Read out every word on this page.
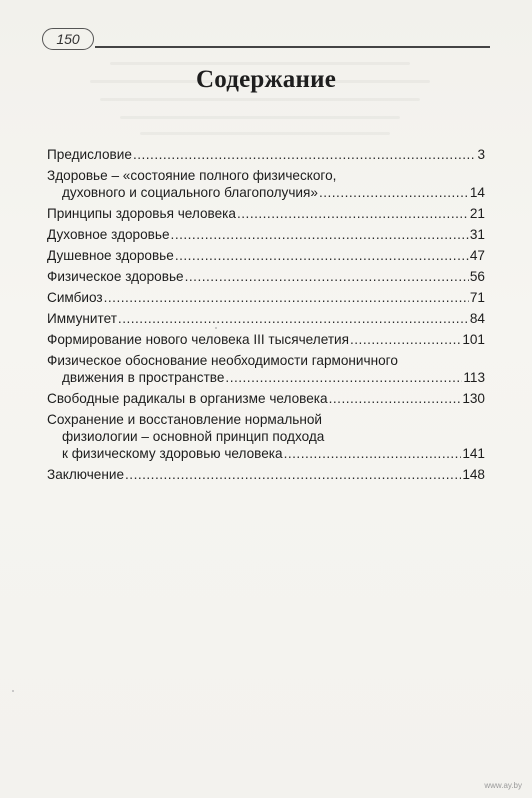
150
Содержание
Предисловие .....	3
Здоровье – «состояние полного физического,
духовного и социального благополучия» .....	14
Принципы здоровья человека .....	21
Духовное здоровье .....	31
Душевное здоровье .....	47
Физическое здоровье .....	56
Симбиоз .....	71
Иммунитет .....	84
Формирование нового человека III тысячелетия .....	101
Физическое обоснование необходимости гармоничного
движения в пространстве .....	113
Свободные радикалы в организме человека .....	130
Сохранение и восстановление нормальной
физиологии – основной принцип подхода
к физическому здоровью человека .....	141
Заключение .....	148
www.ay.by
